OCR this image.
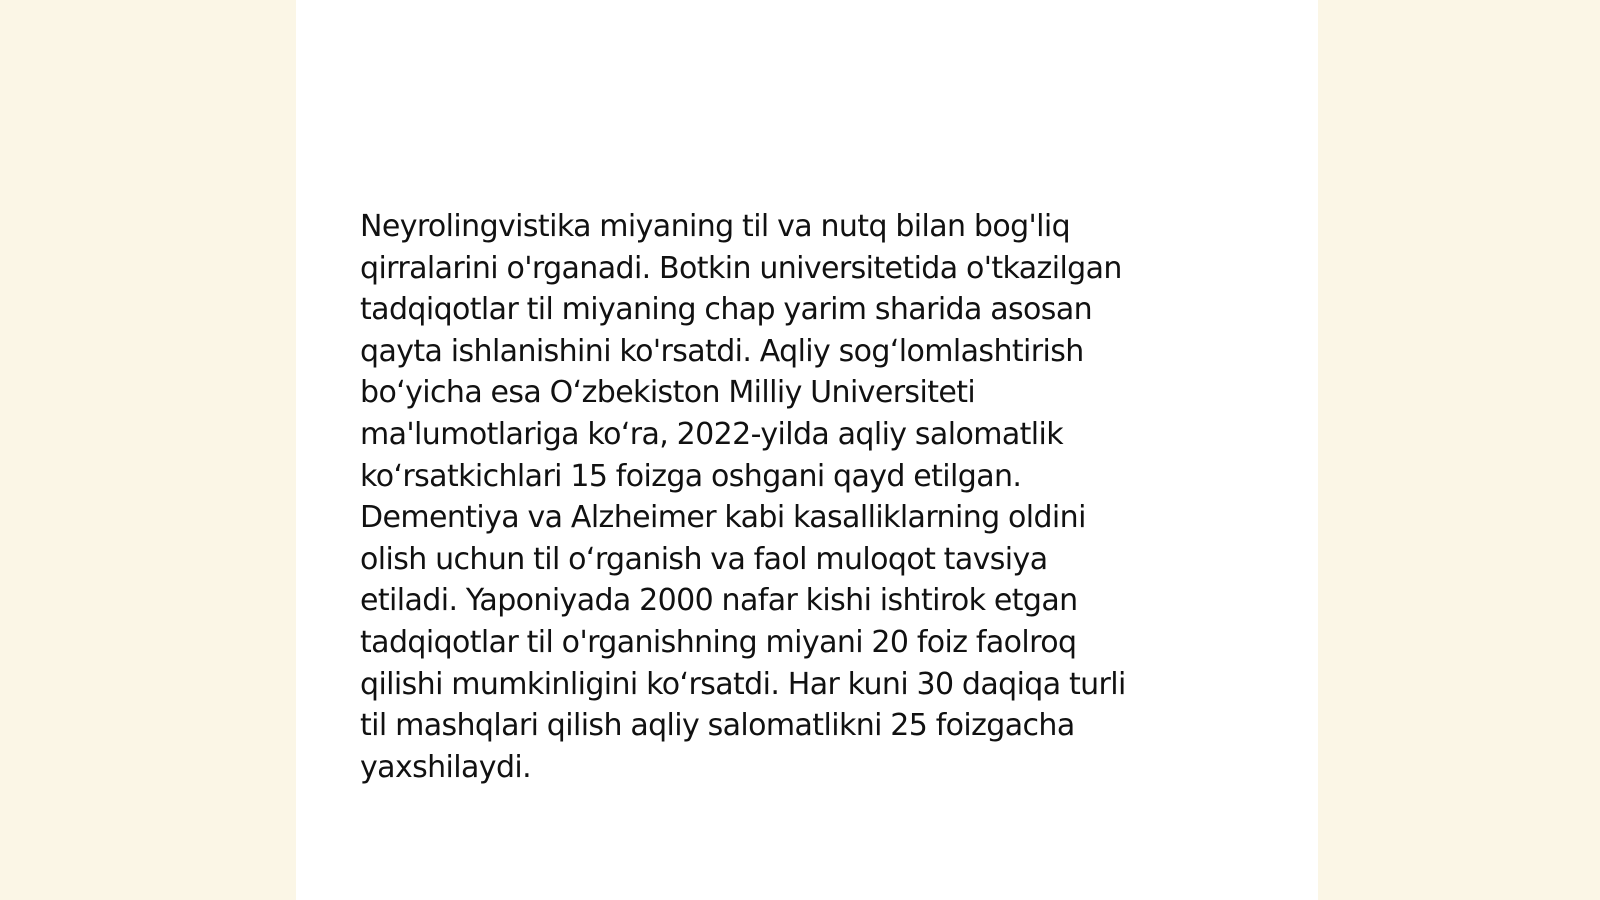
Neyrolingvistika miyaning til va nutq bilan bog'liq
qirralarini o'rganadi. Botkin universitetida o'tkazilgan
tadqiqotlar til miyaning chap yarim sharida asosan
qayta ishlanishini ko'rsatdi. Aqliy sogʻlomlashtirish
boʻyicha esa Oʻzbekiston Milliy Universiteti
ma'lumotlariga koʻra, 2022-yilda aqliy salomatlik
koʻrsatkichlari 15 foizga oshgani qayd etilgan.
Dementiya va Alzheimer kabi kasalliklarning oldini
olish uchun til oʻrganish va faol muloqot tavsiya
etiladi. Yaponiyada 2000 nafar kishi ishtirok etgan
tadqiqotlar til o'rganishning miyani 20 foiz faolroq
qilishi mumkinligini koʻrsatdi. Har kuni 30 daqiqa turli
til mashqlari qilish aqliy salomatlikni 25 foizgacha
yaxshilaydi.
